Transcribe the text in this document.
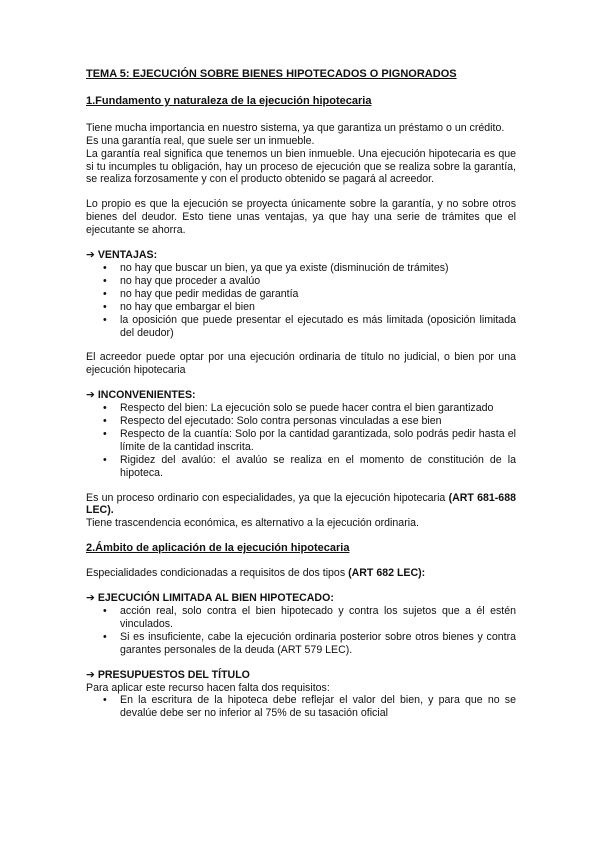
TEMA 5: EJECUCIÓN SOBRE BIENES HIPOTECADOS O PIGNORADOS

1.Fundamento y naturaleza de la ejecución hipotecaria

Tiene mucha importancia en nuestro sistema, ya que garantiza un préstamo o un crédito.

Es una garantía real, que suele ser un inmueble.

La garantía real significa que tenemos un bien inmueble. Una ejecución hipotecaria es que si tu incumples tu obligación, hay un proceso de ejecución que se realiza sobre la garantía, se realiza forzosamente y con el producto obtenido se pagará al acreedor.

Lo propio es que la ejecución se proyecta únicamente sobre la garantía, y no sobre otros bienes del deudor. Esto tiene unas ventajas, ya que hay una serie de trámites que el ejecutante se ahorra.

➔ VENTAJAS:

• no hay que buscar un bien, ya que ya existe (disminución de trámites)
• no hay que proceder a avalúo
• no hay que pedir medidas de garantía
• no hay que embargar el bien
• la oposición que puede presentar el ejecutado es más limitada (oposición limitada del deudor)

El acreedor puede optar por una ejecución ordinaria de título no judicial, o bien por una ejecución hipotecaria

➔ INCONVENIENTES:

• Respecto del bien: La ejecución solo se puede hacer contra el bien garantizado
• Respecto del ejecutado: Solo contra personas vinculadas a ese bien
• Respecto de la cuantía: Solo por la cantidad garantizada, solo podrás pedir hasta el límite de la cantidad inscrita.
• Rigidez del avalúo: el avalúo se realiza en el momento de constitución de la hipoteca.

Es un proceso ordinario con especialidades, ya que la ejecución hipotecaria (ART 681-688 LEC).

Tiene trascendencia económica, es alternativo a la ejecución ordinaria.

2.Ámbito de aplicación de la ejecución hipotecaria

Especialidades condicionadas a requisitos de dos tipos (ART 682 LEC):

➔ EJECUCIÓN LIMITADA AL BIEN HIPOTECADO:

• acción real, solo contra el bien hipotecado y contra los sujetos que a él estén vinculados.
• Si es insuficiente, cabe la ejecución ordinaria posterior sobre otros bienes y contra garantes personales de la deuda (ART 579 LEC).

➔ PRESUPUESTOS DEL TÍTULO

Para aplicar este recurso hacen falta dos requisitos:

• En la escritura de la hipoteca debe reflejar el valor del bien, y para que no se devalúe debe ser no inferior al 75% de su tasación oficial
